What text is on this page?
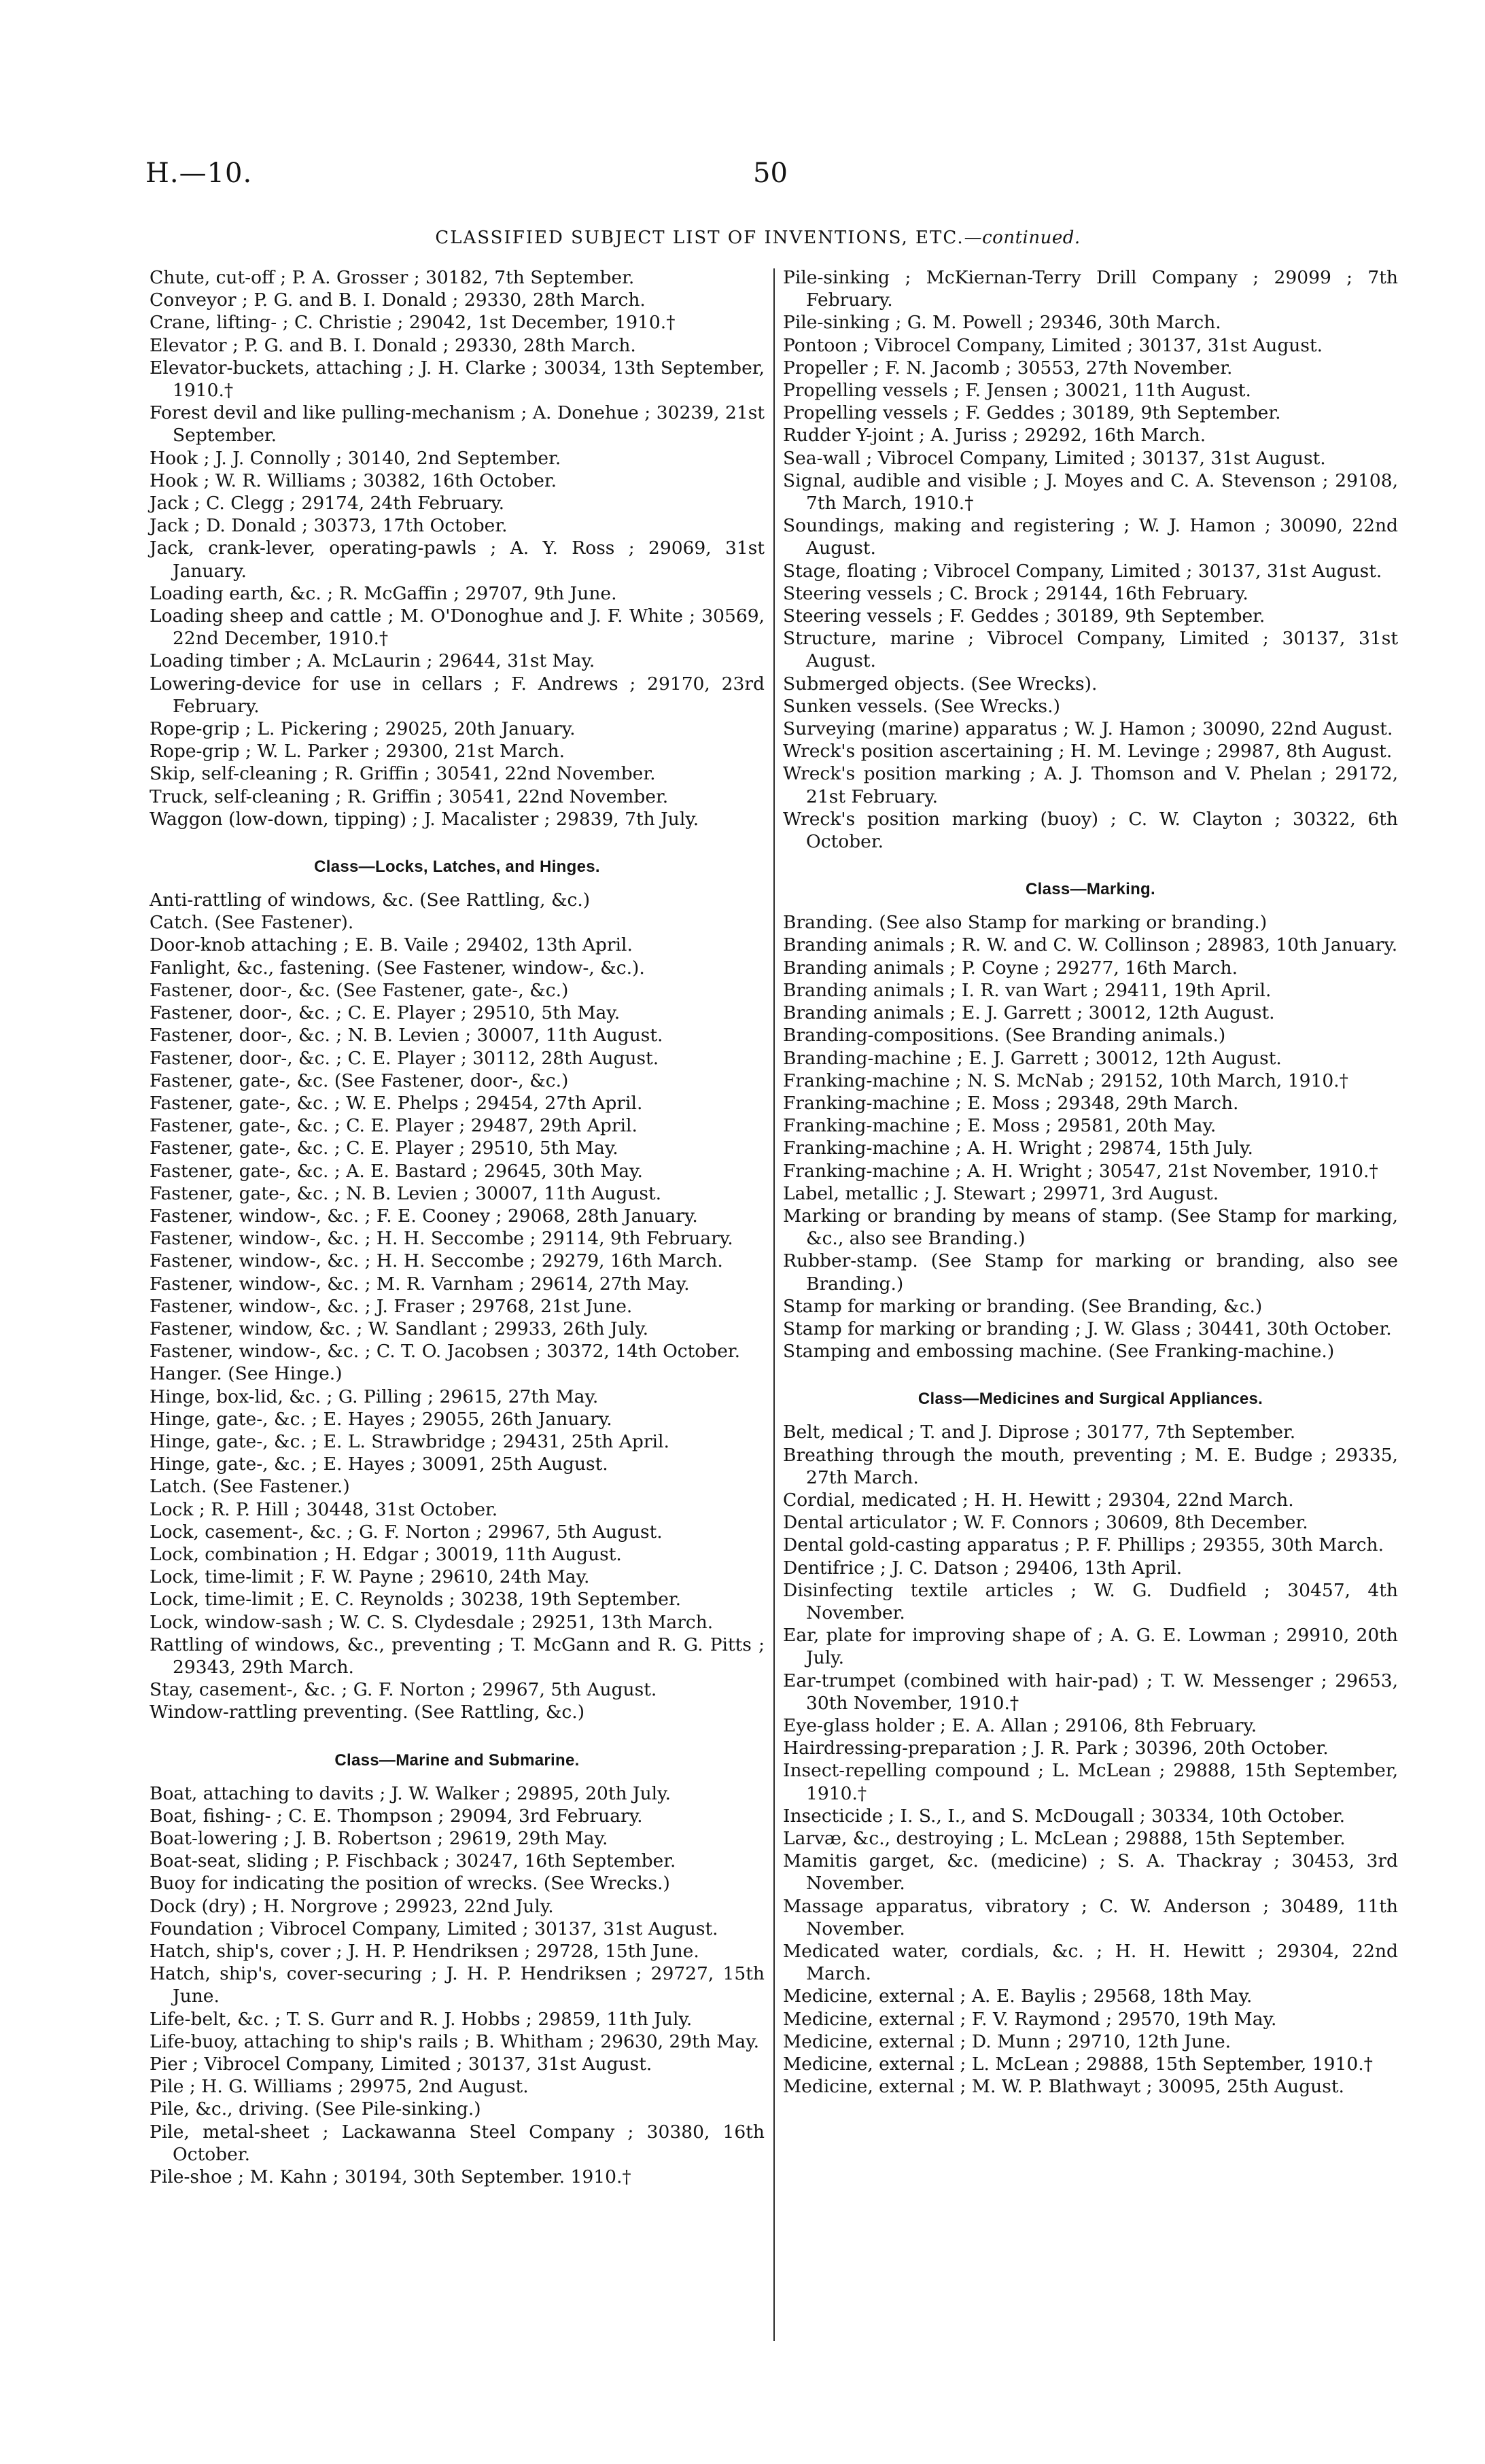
H.—10.	50
CLASSIFIED SUBJECT LIST OF INVENTIONS, ETC.—continued.
Chute, cut-off ; P. A. Grosser ; 30182, 7th September.
Conveyor ; P. G. and B. I. Donald ; 29330, 28th March.
Crane, lifting- ; C. Christie ; 29042, 1st December, 1910.†
Elevator ; P. G. and B. I. Donald ; 29330, 28th March.
Elevator-buckets, attaching ; J. H. Clarke ; 30034, 13th September, 1910.†
Forest devil and like pulling-mechanism ; A. Donehue ; 30239, 21st September.
Hook ; J. J. Connolly ; 30140, 2nd September.
Hook ; W. R. Williams ; 30382, 16th October.
Jack ; C. Clegg ; 29174, 24th February.
Jack ; D. Donald ; 30373, 17th October.
Jack, crank-lever, operating-pawls ; A. Y. Ross ; 29069, 31st January.
Loading earth, &c. ; R. McGaffin ; 29707, 9th June.
Loading sheep and cattle ; M. O'Donoghue and J. F. White ; 30569, 22nd December, 1910.†
Loading timber ; A. McLaurin ; 29644, 31st May.
Lowering-device for use in cellars ; F. Andrews ; 29170, 23rd February.
Rope-grip ; L. Pickering ; 29025, 20th January.
Rope-grip ; W. L. Parker ; 29300, 21st March.
Skip, self-cleaning ; R. Griffin ; 30541, 22nd November.
Truck, self-cleaning ; R. Griffin ; 30541, 22nd November.
Waggon (low-down, tipping) ; J. Macalister ; 29839, 7th July.
Class—Locks, Latches, and Hinges.
Anti-rattling of windows, &c. (See Rattling, &c.)
Catch. (See Fastener).
Door-knob attaching ; E. B. Vaile ; 29402, 13th April.
Fanlight, &c., fastening. (See Fastener, window-, &c.).
Fastener, door-, &c. (See Fastener, gate-, &c.)
Fastener, door-, &c. ; C. E. Player ; 29510, 5th May.
Fastener, door-, &c. ; N. B. Levien ; 30007, 11th August.
Fastener, door-, &c. ; C. E. Player ; 30112, 28th August.
Fastener, gate-, &c. (See Fastener, door-, &c.)
Fastener, gate-, &c. ; W. E. Phelps ; 29454, 27th April.
Fastener, gate-, &c. ; C. E. Player ; 29487, 29th April.
Fastener, gate-, &c. ; C. E. Player ; 29510, 5th May.
Fastener, gate-, &c. ; A. E. Bastard ; 29645, 30th May.
Fastener, gate-, &c. ; N. B. Levien ; 30007, 11th August.
Fastener, window-, &c. ; F. E. Cooney ; 29068, 28th January.
Fastener, window-, &c. ; H. H. Seccombe ; 29114, 9th February.
Fastener, window-, &c. ; H. H. Seccombe ; 29279, 16th March.
Fastener, window-, &c. ; M. R. Varnham ; 29614, 27th May.
Fastener, window-, &c. ; J. Fraser ; 29768, 21st June.
Fastener, window, &c. ; W. Sandlant ; 29933, 26th July.
Fastener, window-, &c. ; C. T. O. Jacobsen ; 30372, 14th October.
Hanger. (See Hinge.)
Hinge, box-lid, &c. ; G. Pilling ; 29615, 27th May.
Hinge, gate-, &c. ; E. Hayes ; 29055, 26th January.
Hinge, gate-, &c. ; E. L. Strawbridge ; 29431, 25th April.
Hinge, gate-, &c. ; E. Hayes ; 30091, 25th August.
Latch. (See Fastener.)
Lock ; R. P. Hill ; 30448, 31st October.
Lock, casement-, &c. ; G. F. Norton ; 29967, 5th August.
Lock, combination ; H. Edgar ; 30019, 11th August.
Lock, time-limit ; F. W. Payne ; 29610, 24th May.
Lock, time-limit ; E. C. Reynolds ; 30238, 19th September.
Lock, window-sash ; W. C. S. Clydesdale ; 29251, 13th March.
Rattling of windows, &c., preventing ; T. McGann and R. G. Pitts ; 29343, 29th March.
Stay, casement-, &c. ; G. F. Norton ; 29967, 5th August.
Window-rattling preventing. (See Rattling, &c.)
Class—Marine and Submarine.
Boat, attaching to davits ; J. W. Walker ; 29895, 20th July.
Boat, fishing- ; C. E. Thompson ; 29094, 3rd February.
Boat-lowering ; J. B. Robertson ; 29619, 29th May.
Boat-seat, sliding ; P. Fischback ; 30247, 16th September.
Buoy for indicating the position of wrecks. (See Wrecks.)
Dock (dry) ; H. Norgrove ; 29923, 22nd July.
Foundation ; Vibrocel Company, Limited ; 30137, 31st August.
Hatch, ship's, cover ; J. H. P. Hendriksen ; 29728, 15th June.
Hatch, ship's, cover-securing ; J. H. P. Hendriksen ; 29727, 15th June.
Life-belt, &c. ; T. S. Gurr and R. J. Hobbs ; 29859, 11th July.
Life-buoy, attaching to ship's rails ; B. Whitham ; 29630, 29th May.
Pier ; Vibrocel Company, Limited ; 30137, 31st August.
Pile ; H. G. Williams ; 29975, 2nd August.
Pile, &c., driving. (See Pile-sinking.)
Pile, metal-sheet ; Lackawanna Steel Company ; 30380, 16th October.
Pile-shoe ; M. Kahn ; 30194, 30th September. 1910.†
Pile-sinking ; McKiernan-Terry Drill Company ; 29099 ; 7th February.
Pile-sinking ; G. M. Powell ; 29346, 30th March.
Pontoon ; Vibrocel Company, Limited ; 30137, 31st August.
Propeller ; F. N. Jacomb ; 30553, 27th November.
Propelling vessels ; F. Jensen ; 30021, 11th August.
Propelling vessels ; F. Geddes ; 30189, 9th September.
Rudder Y-joint ; A. Juriss ; 29292, 16th March.
Sea-wall ; Vibrocel Company, Limited ; 30137, 31st August.
Signal, audible and visible ; J. Moyes and C. A. Stevenson ; 29108, 7th March, 1910.†
Soundings, making and registering ; W. J. Hamon ; 30090, 22nd August.
Stage, floating ; Vibrocel Company, Limited ; 30137, 31st August.
Steering vessels ; C. Brock ; 29144, 16th February.
Steering vessels ; F. Geddes ; 30189, 9th September.
Structure, marine ; Vibrocel Company, Limited ; 30137, 31st August.
Submerged objects. (See Wrecks).
Sunken vessels. (See Wrecks.)
Surveying (marine) apparatus ; W. J. Hamon ; 30090, 22nd August.
Wreck's position ascertaining ; H. M. Levinge ; 29987, 8th August.
Wreck's position marking ; A. J. Thomson and V. Phelan ; 29172, 21st February.
Wreck's position marking (buoy) ; C. W. Clayton ; 30322, 6th October.
Class—Marking.
Branding. (See also Stamp for marking or branding.)
Branding animals ; R. W. and C. W. Collinson ; 28983, 10th January.
Branding animals ; P. Coyne ; 29277, 16th March.
Branding animals ; I. R. van Wart ; 29411, 19th April.
Branding animals ; E. J. Garrett ; 30012, 12th August.
Branding-compositions. (See Branding animals.)
Branding-machine ; E. J. Garrett ; 30012, 12th August.
Franking-machine ; N. S. McNab ; 29152, 10th March, 1910.†
Franking-machine ; E. Moss ; 29348, 29th March.
Franking-machine ; E. Moss ; 29581, 20th May.
Franking-machine ; A. H. Wright ; 29874, 15th July.
Franking-machine ; A. H. Wright ; 30547, 21st November, 1910.†
Label, metallic ; J. Stewart ; 29971, 3rd August.
Marking or branding by means of stamp. (See Stamp for marking, &c., also see Branding.)
Rubber-stamp. (See Stamp for marking or branding, also see Branding.)
Stamp for marking or branding. (See Branding, &c.)
Stamp for marking or branding ; J. W. Glass ; 30441, 30th October.
Stamping and embossing machine. (See Franking-machine.)
Class—Medicines and Surgical Appliances.
Belt, medical ; T. and J. Diprose ; 30177, 7th September.
Breathing through the mouth, preventing ; M. E. Budge ; 29335, 27th March.
Cordial, medicated ; H. H. Hewitt ; 29304, 22nd March.
Dental articulator ; W. F. Connors ; 30609, 8th December.
Dental gold-casting apparatus ; P. F. Phillips ; 29355, 30th March.
Dentifrice ; J. C. Datson ; 29406, 13th April.
Disinfecting textile articles ; W. G. Dudfield ; 30457, 4th November.
Ear, plate for improving shape of ; A. G. E. Lowman ; 29910, 20th July.
Ear-trumpet (combined with hair-pad) ; T. W. Messenger ; 29653, 30th November, 1910.†
Eye-glass holder ; E. A. Allan ; 29106, 8th February.
Hairdressing-preparation ; J. R. Park ; 30396, 20th October.
Insect-repelling compound ; L. McLean ; 29888, 15th September, 1910.†
Insecticide ; I. S., I., and S. McDougall ; 30334, 10th October.
Larvæ, &c., destroying ; L. McLean ; 29888, 15th September.
Mamitis garget, &c. (medicine) ; S. A. Thackray ; 30453, 3rd November.
Massage apparatus, vibratory ; C. W. Anderson ; 30489, 11th November.
Medicated water, cordials, &c. ; H. H. Hewitt ; 29304, 22nd March.
Medicine, external ; A. E. Baylis ; 29568, 18th May.
Medicine, external ; F. V. Raymond ; 29570, 19th May.
Medicine, external ; D. Munn ; 29710, 12th June.
Medicine, external ; L. McLean ; 29888, 15th September, 1910.†
Medicine, external ; M. W. P. Blathwayt ; 30095, 25th August.
